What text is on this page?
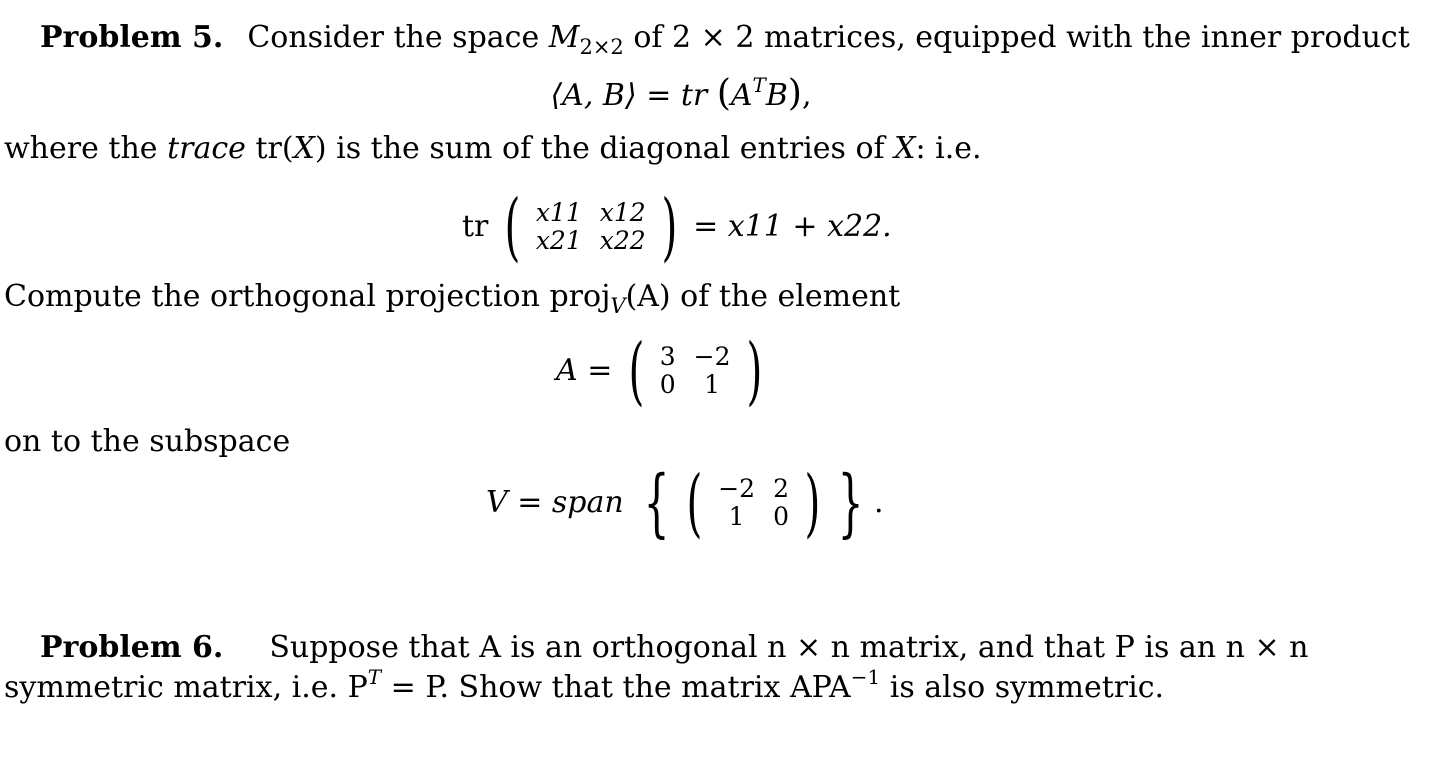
Problem 5. Consider the space $M_{2\times 2}$ of 2 × 2 matrices, equipped with the inner product
⟨A, B⟩ = tr $(A^TB)$,
where the trace tr(X) is the sum of the diagonal entries of X: i.e.
tr ( x11	x12
x21	x22 ) = x11 + x22.
Compute the orthogonal projection proj$_V$(A) of the element
A = ( 3	−2
0	1 )
on to the subspace
V = span { ( −2	2
1	0 ) } .
Problem 6. Suppose that A is an orthogonal n × n matrix, and that P is an n × n
symmetric matrix, i.e. $P^T = P$. Show that the matrix $APA^{-1}$ is also symmetric.
